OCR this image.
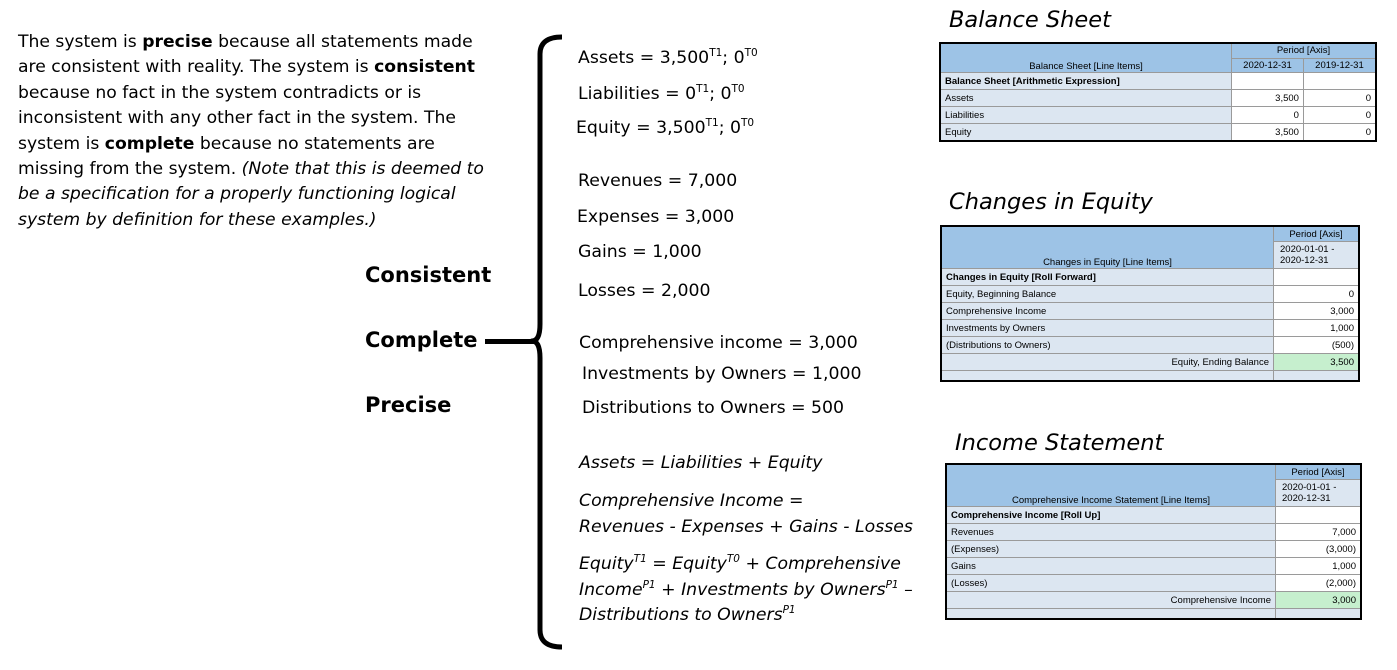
The system is precise because all statements made are consistent with reality. The system is consistent because no fact in the system contradicts or is inconsistent with any other fact in the system. The system is complete because no statements are missing from the system. (Note that this is deemed to be a specification for a properly functioning logical system by definition for these examples.)
Consistent
Complete
Precise
Assets = $3,500^{T1}$; $0^{T0}$
Liabilities = $0^{T1}$; $0^{T0}$
Equity = $3,500^{T1}$; $0^{T0}$
Revenues = 7,000
Expenses = 3,000
Gains = 1,000
Losses = 2,000
Comprehensive income = 3,000
Investments by Owners = 1,000
Distributions to Owners = 500
Assets = Liabilities + Equity
Comprehensive Income =
Revenues - Expenses + Gains - Losses
Equity$^{T1}$ = Equity$^{T0}$ + Comprehensive
Income$^{P1}$ + Investments by Owners$^{P1}$ –
Distributions to Owners$^{P1}$
Balance Sheet
Balance Sheet [Line Items]	Period [Axis]	
	2020-12-31	2019-12-31
Balance Sheet [Arithmetic Expression]		
Assets	3,500	0
Liabilities	0	0
Equity	3,500	0
Changes in Equity
Changes in Equity [Line Items]	Period [Axis]
	2020-01-01 - 2020-12-31
Changes in Equity [Roll Forward]	
Equity, Beginning Balance	0
Comprehensive Income	3,000
Investments by Owners	1,000
(Distributions to Owners)	(500)
Equity, Ending Balance	3,500

Income Statement
Comprehensive Income Statement [Line Items]	Period [Axis]
	2020-01-01 - 2020-12-31
Comprehensive Income [Roll Up]	
Revenues	7,000
(Expenses)	(3,000)
Gains	1,000
(Losses)	(2,000)
Comprehensive Income	3,000
